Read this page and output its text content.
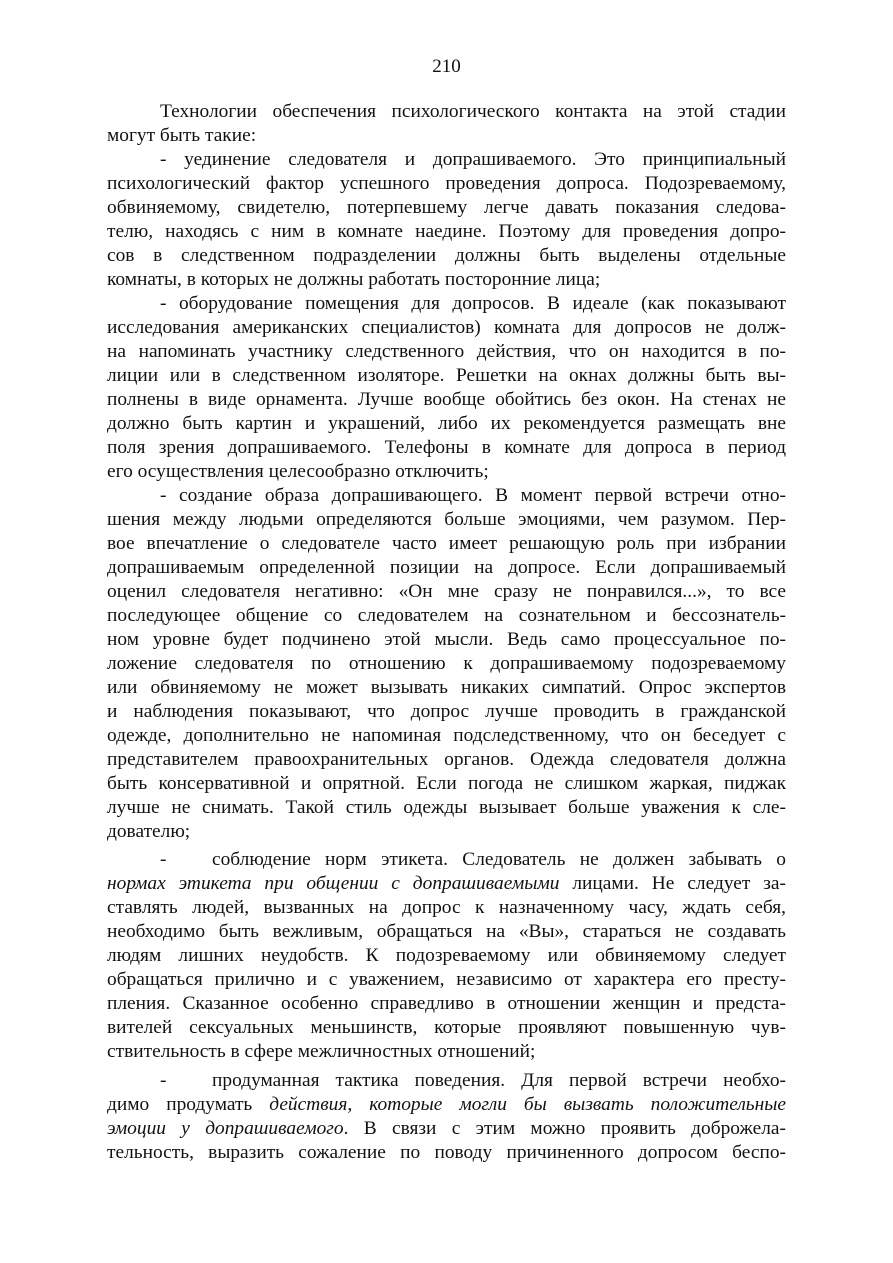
210
Технологии обеспечения психологического контакта на этой стадии
могут быть такие:
- уединение следователя и допрашиваемого. Это принципиальный
психологический фактор успешного проведения допроса. Подозреваемому,
обвиняемому, свидетелю, потерпевшему легче давать показания следова-
телю, находясь с ним в комнате наедине. Поэтому для проведения допро-
сов в следственном подразделении должны быть выделены отдельные
комнаты, в которых не должны работать посторонние лица;
- оборудование помещения для допросов. В идеале (как показывают
исследования американских специалистов) комната для допросов не долж-
на напоминать участнику следственного действия, что он находится в по-
лиции или в следственном изоляторе. Решетки на окнах должны быть вы-
полнены в виде орнамента. Лучше вообще обойтись без окон. На стенах не
должно быть картин и украшений, либо их рекомендуется размещать вне
поля зрения допрашиваемого. Телефоны в комнате для допроса в период
его осуществления целесообразно отключить;
- создание образа допрашивающего. В момент первой встречи отно-
шения между людьми определяются больше эмоциями, чем разумом. Пер-
вое впечатление о следователе часто имеет решающую роль при избрании
допрашиваемым определенной позиции на допросе. Если допрашиваемый
оценил следователя негативно: «Он мне сразу не понравился...», то все
последующее общение со следователем на сознательном и бессознатель-
ном уровне будет подчинено этой мысли. Ведь само процессуальное по-
ложение следователя по отношению к допрашиваемому подозреваемому
или обвиняемому не может вызывать никаких симпатий. Опрос экспертов
и наблюдения показывают, что допрос лучше проводить в гражданской
одежде, дополнительно не напоминая подследственному, что он беседует с
представителем правоохранительных органов. Одежда следователя должна
быть консервативной и опрятной. Если погода не слишком жаркая, пиджак
лучше не снимать. Такой стиль одежды вызывает больше уважения к сле-
дователю;
- соблюдение норм этикета. Следователь не должен забывать о
нормах этикета при общении с допрашиваемыми лицами. Не следует за-
ставлять людей, вызванных на допрос к назначенному часу, ждать себя,
необходимо быть вежливым, обращаться на «Вы», стараться не создавать
людям лишних неудобств. К подозреваемому или обвиняемому следует
обращаться прилично и с уважением, независимо от характера его престу-
пления. Сказанное особенно справедливо в отношении женщин и предста-
вителей сексуальных меньшинств, которые проявляют повышенную чув-
ствительность в сфере межличностных отношений;
- продуманная тактика поведения. Для первой встречи необхо-
димо продумать действия, которые могли бы вызвать положительные
эмоции у допрашиваемого. В связи с этим можно проявить доброжела-
тельность, выразить сожаление по поводу причиненного допросом беспо-
